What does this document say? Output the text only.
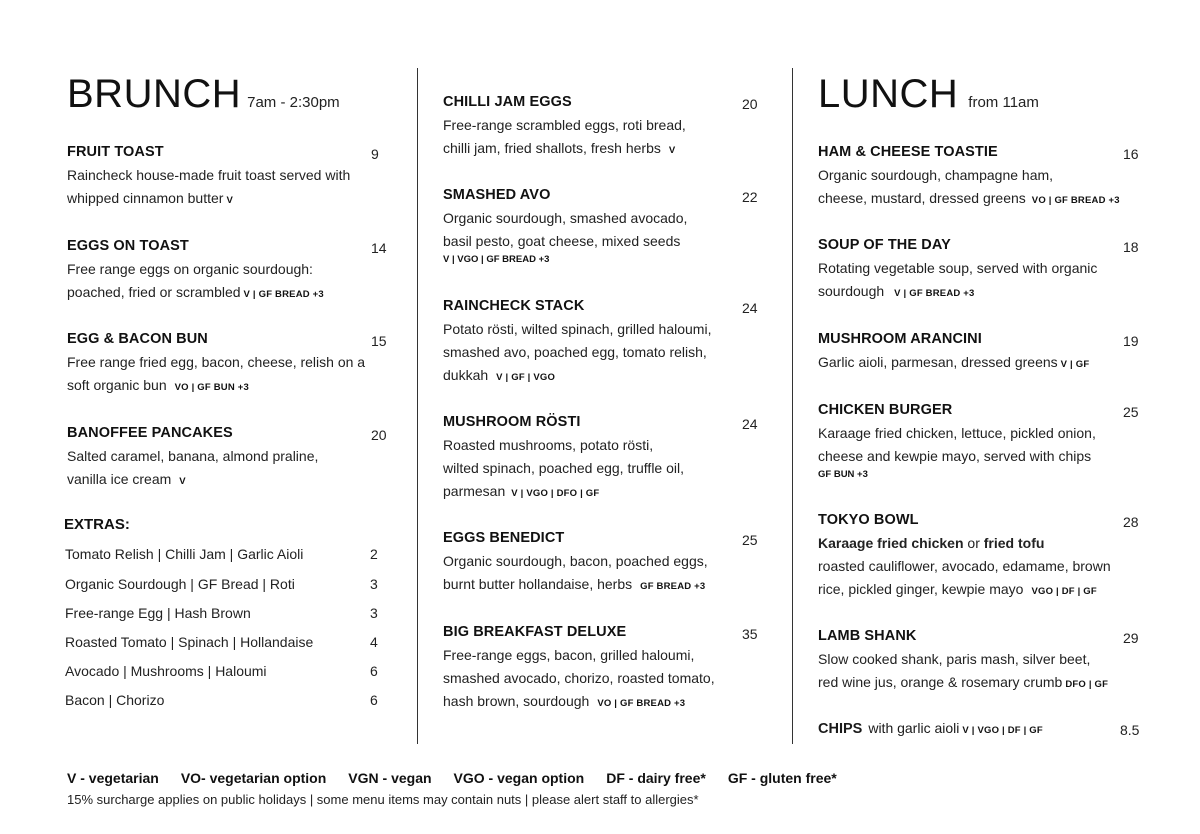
BRUNCH 7am - 2:30pm
FRUIT TOAST	9
Raincheck house-made fruit toast served with
whipped cinnamon butter V
EGGS ON TOAST	14
Free range eggs on organic sourdough:
poached, fried or scrambled V | GF BREAD +3
EGG & BACON BUN	15
Free range fried egg, bacon, cheese, relish on a
soft organic bun VO | GF BUN +3
BANOFFEE PANCAKES	20
Salted caramel, banana, almond praline,
vanilla ice cream V
EXTRAS:
Tomato Relish | Chilli Jam | Garlic Aioli	2
Organic Sourdough | GF Bread | Roti	3
Free-range Egg | Hash Brown	3
Roasted Tomato | Spinach | Hollandaise	4
Avocado | Mushrooms | Haloumi	6
Bacon | Chorizo	6
CHILLI JAM EGGS	20
Free-range scrambled eggs, roti bread,
chilli jam, fried shallots, fresh herbs V
SMASHED AVO	22
Organic sourdough, smashed avocado,
basil pesto, goat cheese, mixed seeds
V | VGO | GF BREAD +3
RAINCHECK STACK	24
Potato rösti, wilted spinach, grilled haloumi,
smashed avo, poached egg, tomato relish,
dukkah V | GF | VGO
MUSHROOM RÖSTI	24
Roasted mushrooms, potato rösti,
wilted spinach, poached egg, truffle oil,
parmesan V | VGO | DFO | GF
EGGS BENEDICT	25
Organic sourdough, bacon, poached eggs,
burnt butter hollandaise, herbs GF BREAD +3
BIG BREAKFAST DELUXE	35
Free-range eggs, bacon, grilled haloumi,
smashed avocado, chorizo, roasted tomato,
hash brown, sourdough VO | GF BREAD +3
LUNCH from 11am
HAM & CHEESE TOASTIE	16
Organic sourdough, champagne ham,
cheese, mustard, dressed greens VO | GF BREAD +3
SOUP OF THE DAY	18
Rotating vegetable soup, served with organic
sourdough V | GF BREAD +3
MUSHROOM ARANCINI	19
Garlic aioli, parmesan, dressed greens V | GF
CHICKEN BURGER	25
Karaage fried chicken, lettuce, pickled onion,
cheese and kewpie mayo, served with chips
GF BUN +3
TOKYO BOWL	28
Karaage fried chicken or fried tofu
roasted cauliflower, avocado, edamame, brown
rice, pickled ginger, kewpie mayo VGO | DF | GF
LAMB SHANK	29
Slow cooked shank, paris mash, silver beet,
red wine jus, orange & rosemary crumb DFO | GF
CHIPS with garlic aioli V | VGO | DF | GF	8.5
V - vegetarian VO- vegetarian option VGN - vegan VGO - vegan option DF - dairy free* GF - gluten free*
15% surcharge applies on public holidays | some menu items may contain nuts | please alert staff to allergies*
